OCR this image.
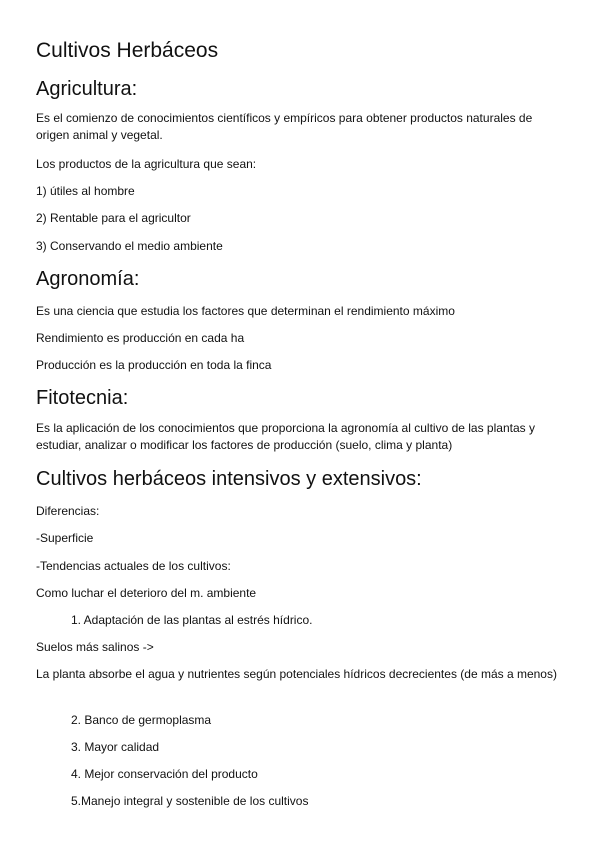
Cultivos Herbáceos
Agricultura:
Es el comienzo de conocimientos científicos y empíricos para obtener productos naturales de origen animal y vegetal.
Los productos de la agricultura que sean:
1) útiles al hombre
2) Rentable para el agricultor
3) Conservando el medio ambiente
Agronomía:
Es una ciencia que estudia los factores que determinan el rendimiento máximo
Rendimiento es producción en cada ha
Producción es la producción en toda la finca
Fitotecnia:
Es la aplicación de los conocimientos que proporciona la agronomía al cultivo de las plantas y estudiar, analizar o modificar los factores de producción (suelo, clima y planta)
Cultivos herbáceos intensivos y extensivos:
Diferencias:
-Superficie
-Tendencias actuales de los cultivos:
Como luchar el deterioro del m. ambiente
1. Adaptación de las plantas al estrés hídrico.
Suelos más salinos ->
La planta absorbe el agua y nutrientes según potenciales hídricos decrecientes (de más a menos)
2. Banco de germoplasma
3. Mayor calidad
4. Mejor conservación del producto
5.Manejo integral y sostenible de los cultivos
